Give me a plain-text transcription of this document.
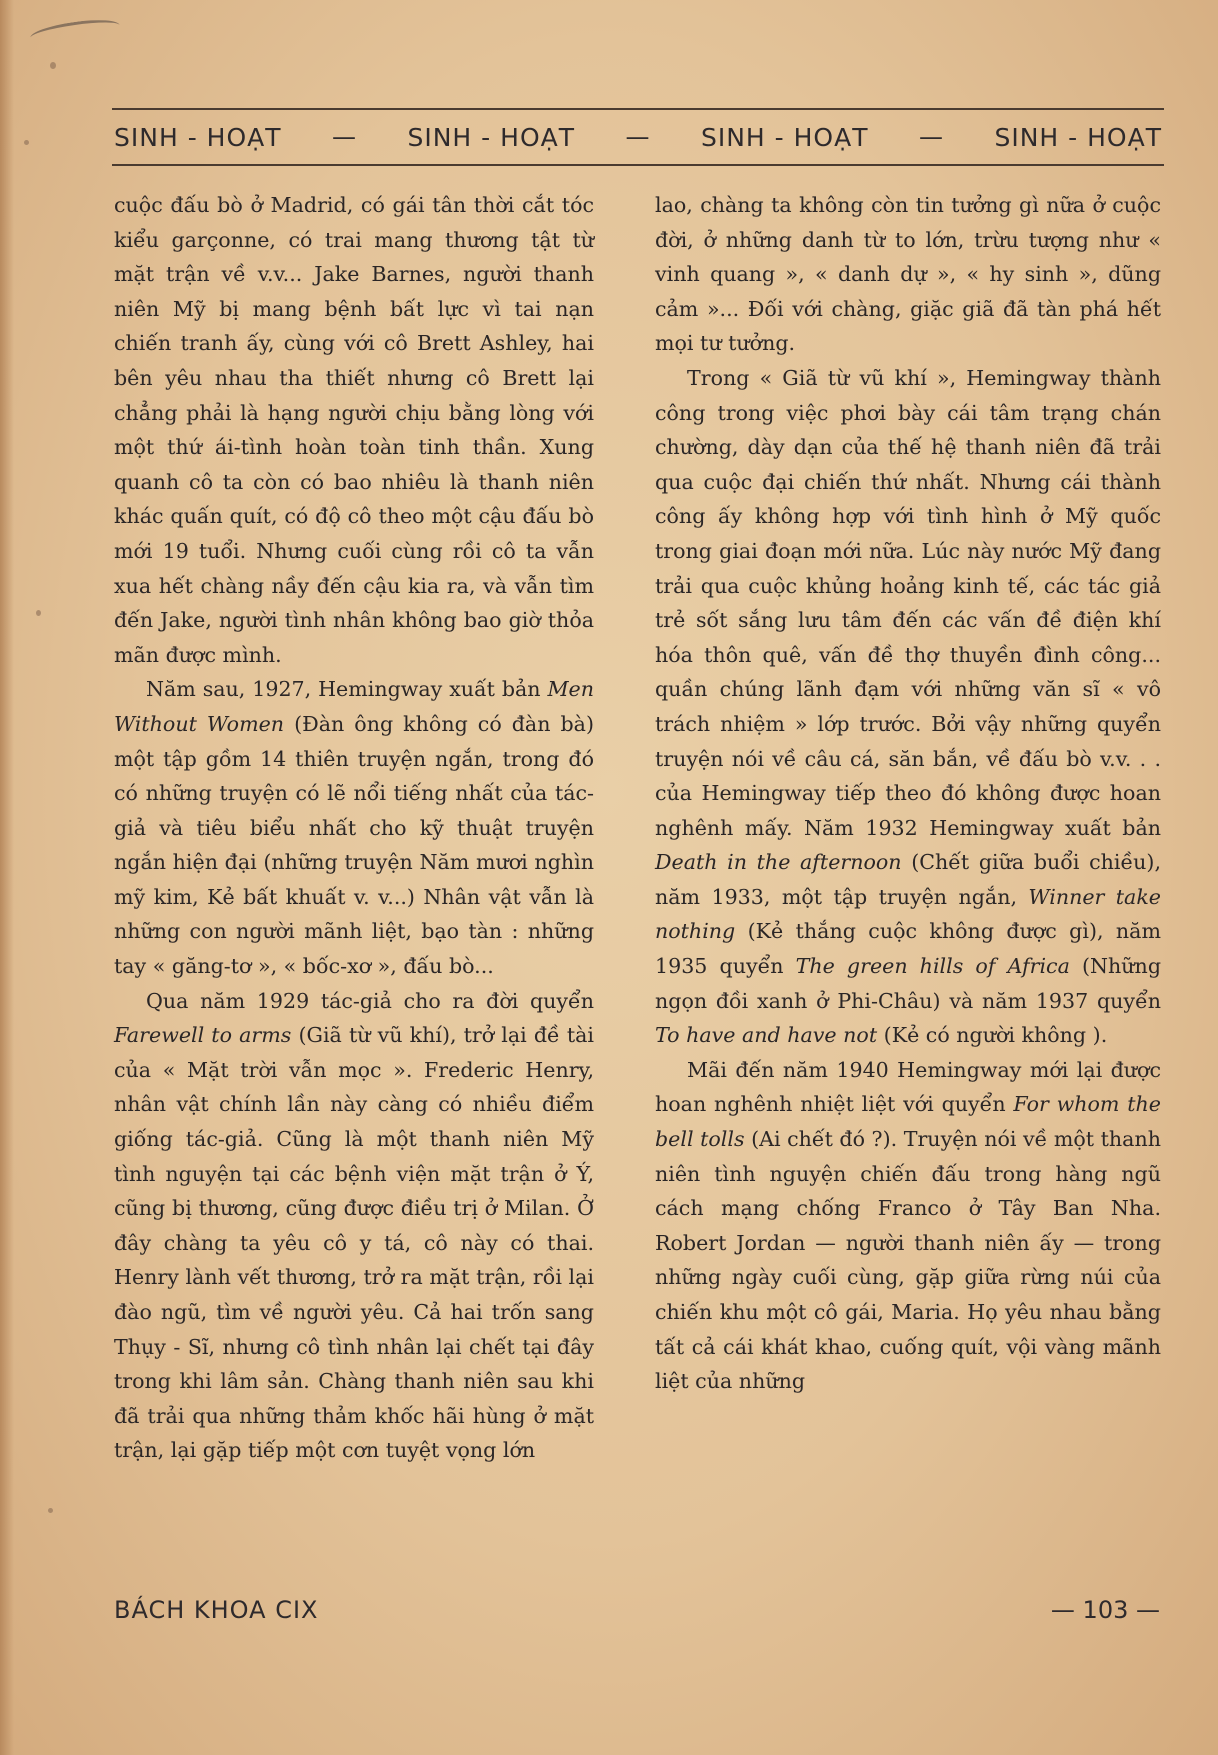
SINH - HOẠT — SINH - HOẠT — SINH - HOẠT — SINH - HOẠT

cuộc đấu bò ở Madrid, có gái tân thời cắt tóc kiểu garçonne, có trai mang thương tật từ mặt trận về v.v... Jake Barnes, người thanh niên Mỹ bị mang bệnh bất lực vì tai nạn chiến tranh ấy, cùng với cô Brett Ashley, hai bên yêu nhau tha thiết nhưng cô Brett lại chẳng phải là hạng người chịu bằng lòng với một thứ ái-tình hoàn toàn tinh thần. Xung quanh cô ta còn có bao nhiêu là thanh niên khác quấn quít, có độ cô theo một cậu đấu bò mới 19 tuổi. Nhưng cuối cùng rồi cô ta vẫn xua hết chàng nầy đến cậu kia ra, và vẫn tìm đến Jake, người tình nhân không bao giờ thỏa mãn được mình.

Năm sau, 1927, Hemingway xuất bản Men Without Women (Đàn ông không có đàn bà) một tập gồm 14 thiên truyện ngắn, trong đó có những truyện có lẽ nổi tiếng nhất của tác-giả và tiêu biểu nhất cho kỹ thuật truyện ngắn hiện đại (những truyện Năm mươi nghìn mỹ kim, Kẻ bất khuất v. v...) Nhân vật vẫn là những con người mãnh liệt, bạo tàn : những tay « găng-tơ », « bốc-xơ », đấu bò...

Qua năm 1929 tác-giả cho ra đời quyển Farewell to arms (Giã từ vũ khí), trở lại đề tài của « Mặt trời vẫn mọc ». Frederic Henry, nhân vật chính lần này càng có nhiều điểm giống tác-giả. Cũng là một thanh niên Mỹ tình nguyện tại các bệnh viện mặt trận ở Ý, cũng bị thương, cũng được điều trị ở Milan. Ở đây chàng ta yêu cô y tá, cô này có thai. Henry lành vết thương, trở ra mặt trận, rồi lại đào ngũ, tìm về người yêu. Cả hai trốn sang Thụy - Sĩ, nhưng cô tình nhân lại chết tại đây trong khi lâm sản. Chàng thanh niên sau khi đã trải qua những thảm khốc hãi hùng ở mặt trận, lại gặp tiếp một cơn tuyệt vọng lớn

lao, chàng ta không còn tin tưởng gì nữa ở cuộc đời, ở những danh từ to lớn, trừu tượng như « vinh quang », « danh dự », « hy sinh », dũng cảm »... Đối với chàng, giặc giã đã tàn phá hết mọi tư tưởng.

Trong « Giã từ vũ khí », Hemingway thành công trong việc phơi bày cái tâm trạng chán chường, dày dạn của thế hệ thanh niên đã trải qua cuộc đại chiến thứ nhất. Nhưng cái thành công ấy không hợp với tình hình ở Mỹ quốc trong giai đoạn mới nữa. Lúc này nước Mỹ đang trải qua cuộc khủng hoảng kinh tế, các tác giả trẻ sốt sắng lưu tâm đến các vấn đề điện khí hóa thôn quê, vấn đề thợ thuyền đình công... quần chúng lãnh đạm với những văn sĩ « vô trách nhiệm » lớp trước. Bởi vậy những quyển truyện nói về câu cá, săn bắn, về đấu bò v.v. . . của Hemingway tiếp theo đó không được hoan nghênh mấy. Năm 1932 Hemingway xuất bản Death in the afternoon (Chết giữa buổi chiều), năm 1933, một tập truyện ngắn, Winner take nothing (Kẻ thắng cuộc không được gì), năm 1935 quyển The green hills of Africa (Những ngọn đồi xanh ở Phi-Châu) và năm 1937 quyển To have and have not (Kẻ có người không ).

Mãi đến năm 1940 Hemingway mới lại được hoan nghênh nhiệt liệt với quyển For whom the bell tolls (Ai chết đó ?). Truyện nói về một thanh niên tình nguyện chiến đấu trong hàng ngũ cách mạng chống Franco ở Tây Ban Nha. Robert Jordan — người thanh niên ấy — trong những ngày cuối cùng, gặp giữa rừng núi của chiến khu một cô gái, Maria. Họ yêu nhau bằng tất cả cái khát khao, cuống quít, vội vàng mãnh liệt của những

BÁCH KHOA CIX	— 103 —
